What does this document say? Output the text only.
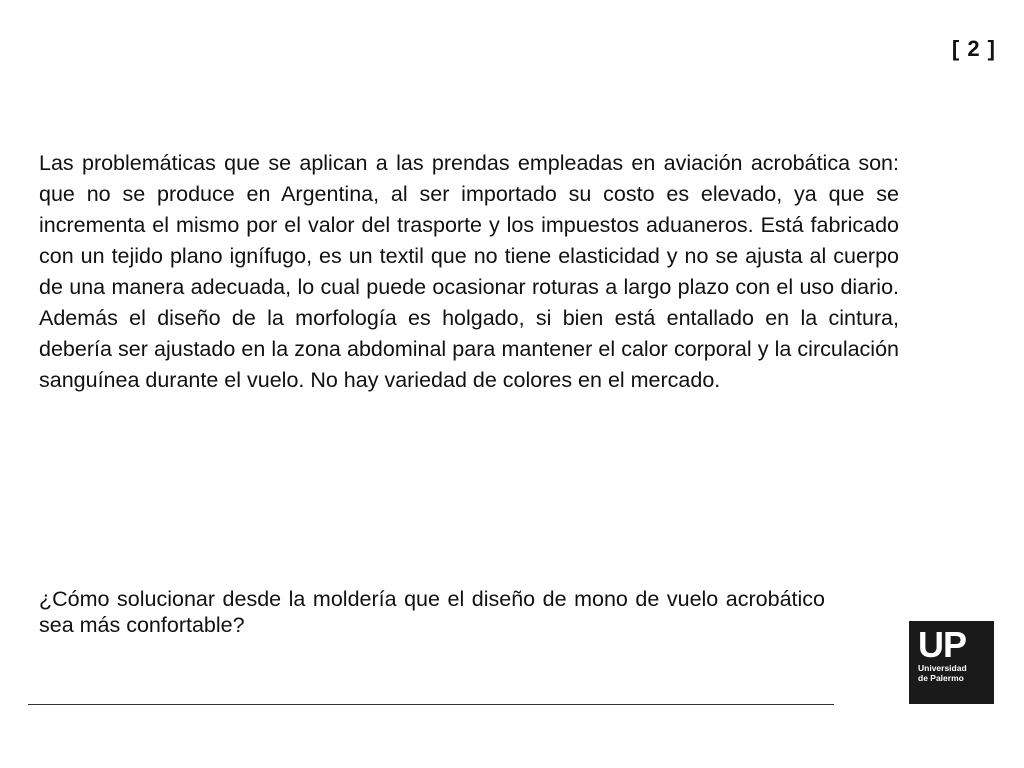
[ 2 ]

Las problemáticas que se aplican a las prendas empleadas en aviación acrobática son: que no se produce en Argentina, al ser importado su costo es elevado, ya que se incrementa el mismo por el valor del trasporte y los impuestos aduaneros. Está fabricado con un tejido plano ignífugo, es un textil que no tiene elasticidad y no se ajusta al cuerpo de una manera adecuada, lo cual puede ocasionar roturas a largo plazo con el uso diario. Además el diseño de la morfología es holgado, si bien está entallado en la cintura, debería ser ajustado en la zona abdominal para mantener el calor corporal y la circulación sanguínea durante el vuelo. No hay variedad de colores en el mercado.

¿Cómo solucionar desde la moldería que el diseño de mono de vuelo acrobático sea más confortable?	UP
Universidad
de Palermo
